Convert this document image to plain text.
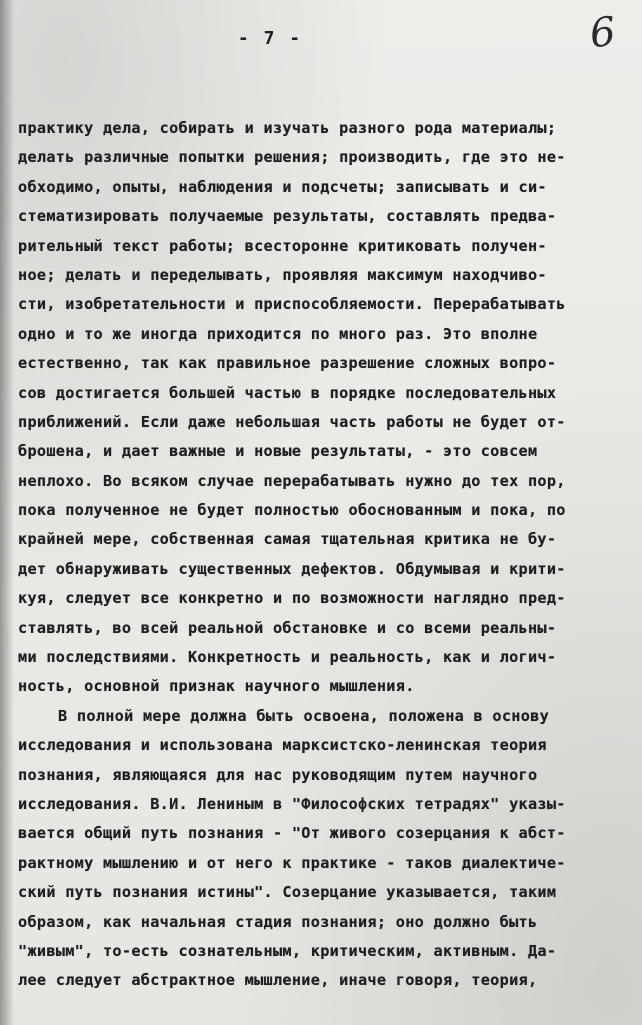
- 7 -	6
практику дела, собирать и изучать разного рода материалы;
делать различные попытки решения; производить, где это не-
обходимо, опыты, наблюдения и подсчеты; записывать и си-
стематизировать получаемые результаты, составлять предва-
рительный текст работы; всесторонне критиковать получен-
ное; делать и переделывать, проявляя максимум находчиво-
сти, изобретательности и приспособляемости. Перерабатывать
одно и то же иногда приходится по много раз. Это вполне
естественно, так как правильное разрешение сложных вопро-
сов достигается большей частью в порядке последовательных
приближений. Если даже небольшая часть работы не будет от-
брошена, и дает важные и новые результаты, - это совсем
неплохо. Во всяком случае перерабатывать нужно до тех пор,
пока полученное не будет полностью обоснованным и пока, по
крайней мере, собственная самая тщательная критика не бу-
дет обнаруживать существенных дефектов. Обдумывая и крити-
куя, следует все конкретно и по возможности наглядно пред-
ставлять, во всей реальной обстановке и со всеми реальны-
ми последствиями. Конкретность и реальность, как и логич-
ность, основной признак научного мышления.
В полной мере должна быть освоена, положена в основу
исследования и использована марксистско-ленинская теория
познания, являющаяся для нас руководящим путем научного
исследования. В.И. Лениным в "Философских тетрадях" указы-
вается общий путь познания - "От живого созерцания к абст-
рактному мышлению и от него к практике - таков диалектиче-
ский путь познания истины". Созерцание указывается, таким
образом, как начальная стадия познания; оно должно быть
"живым", то-есть сознательным, критическим, активным. Да-
лее следует абстрактное мышление, иначе говоря, теория,
